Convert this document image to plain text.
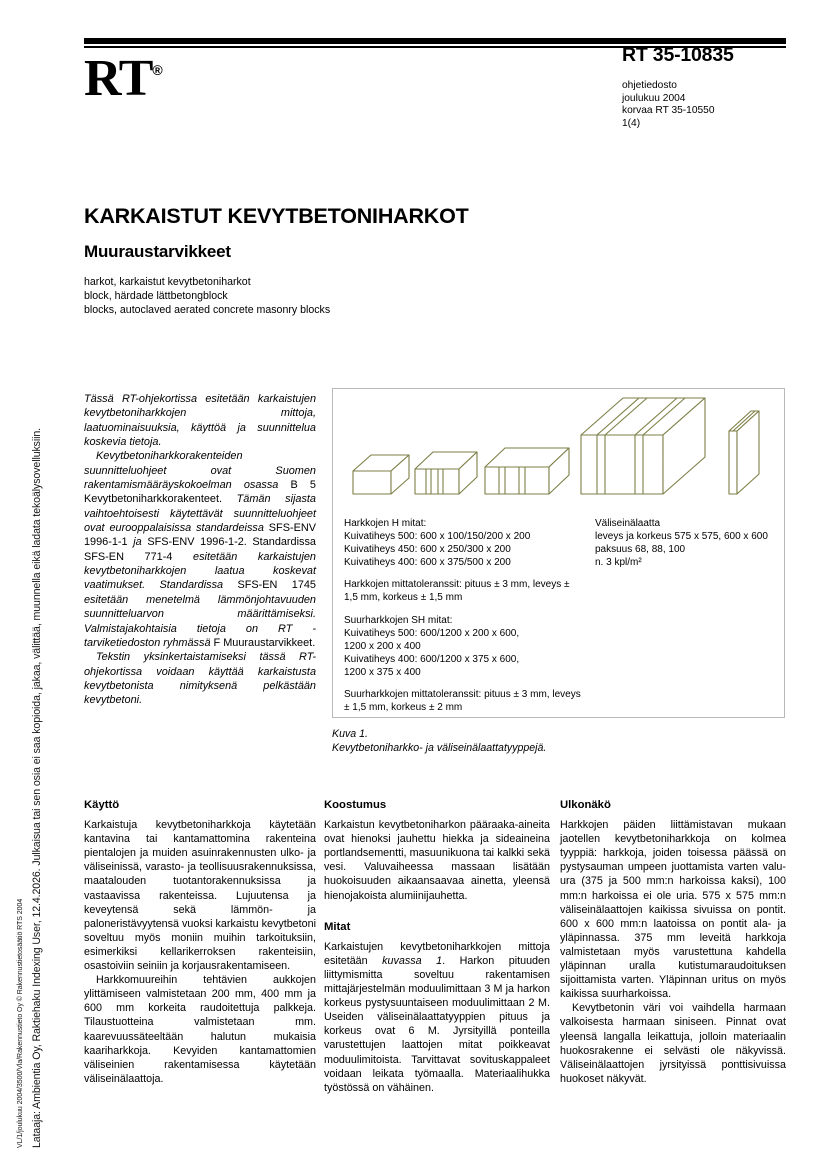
VL/1/joulukuu 2004/3500/Vla/Rakennustieto Oy © Rakennustietosäätiö RTS 2004 Lataaja: Ambientia Oy, Raktiehaku Indexing User, 12.4.2026. Julkaisua tai sen osia ei saa kopioida, jakaa, välittää, muunnella eikä ladata tekoälysovelluksiin.
RT®
RT 35-10835
ohjetiedosto
joulukuu 2004
korvaa RT 35-10550
1(4)
KARKAISTUT KEVYTBETONIHARKOT
Muuraustarvikkeet
harkot, karkaistut kevytbetoniharkot
block, härdade lättbetongblock
blocks, autoclaved aerated concrete masonry blocks

Tässä RT-ohjekortissa esitetään karkaistujen kevytbetoniharkkojen mittoja, laatuominaisuuksia, käyttöä ja suunnittelua koskevia tietoja.

Kevytbetoniharkkorakenteiden suunnitteluohjeet ovat Suomen rakentamismääräyskokoelman osassa B 5 Kevytbetoniharkkorakenteet. Tämän sijasta vaihtoehtoisesti käytettävät suunnitteluohjeet ovat eurooppalaisissa standardeissa SFS-ENV 1996-1-1 ja SFS-ENV 1996-1-2. Standardissa SFS-EN 771-4 esitetään karkaistujen kevytbetoniharkkojen laatua koskevat vaatimukset. Standardissa SFS-EN 1745 esitetään menetelmä lämmönjohtavuuden suunnitteluarvon määrittämiseksi. Valmistajakohtaisia tietoja on RT -tarviketiedoston ryhmässä F Muuraustarvikkeet.

Tekstin yksinkertaistamiseksi tässä RT-ohjekortissa voidaan käyttää karkaistusta kevytbetonista nimityksenä pelkästään kevytbetoni.

Harkkojen H mitat:
Kuivatiheys 500: 600 x 100/150/200 x 200
Kuivatiheys 450: 600 x 250/300 x 200
Kuivatiheys 400: 600 x 375/500 x 200

Harkkojen mittatoleranssit: pituus ± 3 mm, leveys ± 1,5 mm, korkeus ± 1,5 mm

Suurharkkojen SH mitat:
Kuivatiheys 500: 600/1200 x 200 x 600,
1200 x 200 x 400
Kuivatiheys 400: 600/1200 x 375 x 600,
1200 x 375 x 400

Suurharkkojen mittatoleranssit: pituus ± 3 mm, leveys ± 1,5 mm, korkeus ± 2 mm

Väliseinälaatta
leveys ja korkeus 575 x 575, 600 x 600
paksuus 68, 88, 100
n. 3 kpl/m²

Kuva 1.
Kevytbetoniharkko- ja väliseinälaattatyyppejä.
Käyttö

Karkaistuja kevytbetoniharkkoja käytetään kantavina tai kantamattomina rakenteina pientalojen ja muiden asuinrakennusten ulko- ja väliseinissä, varasto- ja teollisuusrakennuksissa, maatalouden tuotantorakennuksissa ja vastaavissa rakenteissa. Lujuutensa ja keveytensä sekä lämmön- ja paloneristävyytensä vuoksi karkaistu kevytbetoni soveltuu myös moniin muihin tarkoituksiin, esimerkiksi kellarikerroksen rakenteisiin, osastoiviin seiniin ja korjausrakentamiseen.

Harkkomuureihin tehtävien aukkojen ylittämiseen valmistetaan 200 mm, 400 mm ja 600 mm korkeita raudoitettuja palkkeja. Tilaustuotteina valmistetaan mm. kaarevuussäteeltään halutun mukaisia kaariharkkoja. Kevyiden kantamattomien väliseinien rakentamisessa käytetään väliseinälaattoja.

Koostumus

Karkaistun kevytbetoniharkon pääraaka-aineita ovat hienoksi jauhettu hiekka ja sideaineina portlandsementti, masuunikuona tai kalkki sekä vesi. Valuvaiheessa massaan lisätään huokoisuuden aikaansaavaa ainetta, yleensä hienojakoista alumiinijauhetta.

Mitat

Karkaistujen kevytbetoniharkkojen mittoja esitetään kuvassa 1. Harkon pituuden liittymismitta soveltuu rakentamisen mittajärjestelmän moduulimittaan 3 M ja harkon korkeus pystysuuntaiseen moduulimittaan 2 M. Useiden väliseinälaattatyyppien pituus ja korkeus ovat 6 M. Jyrsityillä ponteilla varustettujen laattojen mitat poikkeavat moduulimitoista. Tarvittavat sovituskappaleet voidaan leikata työmaalla. Materiaalihukka työstössä on vähäinen.

Ulkonäkö

Harkkojen päiden liittämistavan mukaan jaotellen kevytbetoniharkkoja on kolmea tyyppiä: harkkoja, joiden toisessa päässä on pystysauman umpeen juottamista varten valu-ura (375 ja 500 mm:n harkoissa kaksi), 100 mm:n harkoissa ei ole uria. 575 x 575 mm:n väliseinälaattojen kaikissa sivuissa on pontit. 600 x 600 mm:n laatoissa on pontit ala- ja yläpinnassa. 375 mm leveitä harkkoja valmistetaan myös varustettuna kahdella yläpinnan uralla kutistumaraudoituksen sijoittamista varten. Yläpinnan uritus on myös kaikissa suurharkoissa.

Kevytbetonin väri voi vaihdella harmaan valkoisesta harmaan siniseen. Pinnat ovat yleensä langalla leikattuja, jolloin materiaalin huokosrakenne ei selvästi ole näkyvissä. Väliseinälaattojen jyrsityissä ponttisivuissa huokoset näkyvät.
